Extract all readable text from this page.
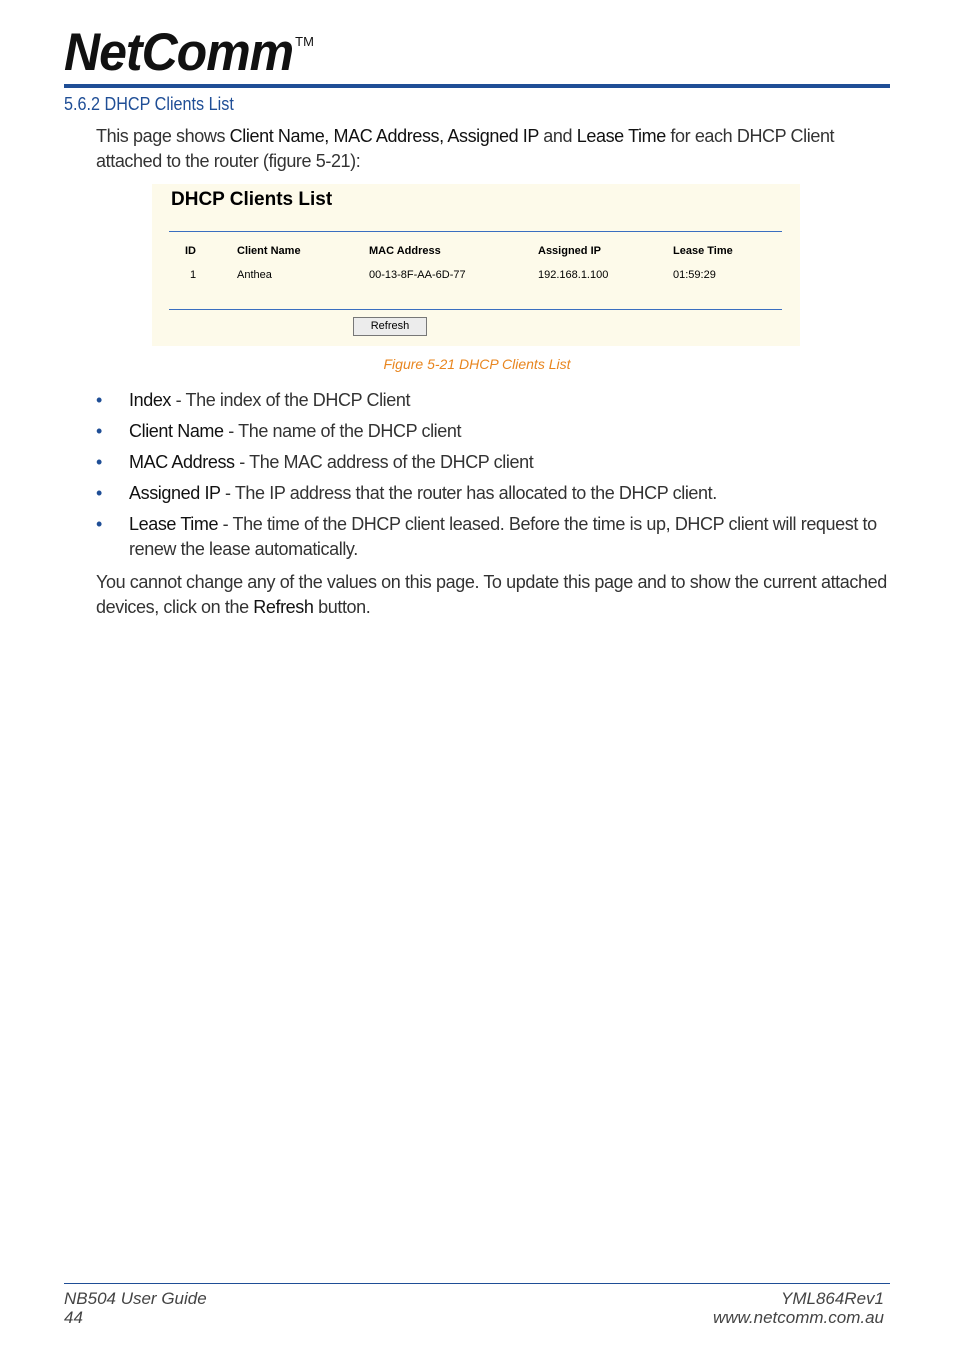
NetComm ™
5.6.2 DHCP Clients List
This page shows Client Name, MAC Address, Assigned IP and Lease Time for each DHCP Client attached to the router (figure 5-21):
DHCP Clients List
ID	Client Name	MAC Address	Assigned IP	Lease Time
1	Anthea	00-13-8F-AA-6D-77	192.168.1.100	01:59:29
Refresh
Figure 5-21 DHCP Clients List
• Index - The index of the DHCP Client
• Client Name - The name of the DHCP client
• MAC Address - The MAC address of the DHCP client
• Assigned IP - The IP address that the router has allocated to the DHCP client.
• Lease Time - The time of the DHCP client leased. Before the time is up, DHCP client will request to renew the lease automatically.
You cannot change any of the values on this page. To update this page and to show the current attached devices, click on the Refresh button.
NB504 User Guide
44
YML864Rev1
www.netcomm.com.au
